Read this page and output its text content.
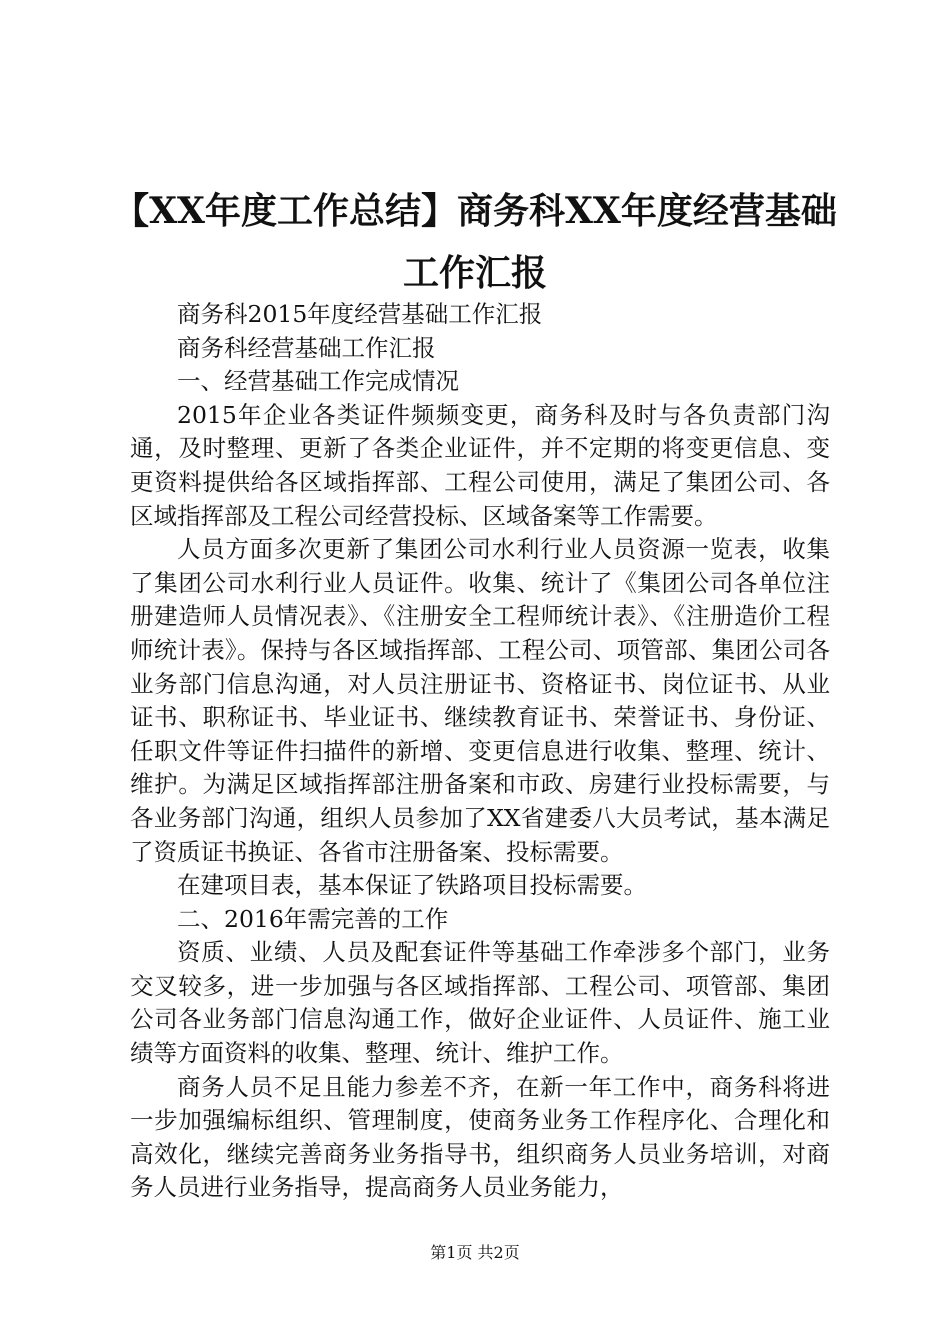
【XX年度工作总结】商务科XX年度经营基础
工作汇报

商务科2015年度经营基础工作汇报

商务科经营基础工作汇报

一、经营基础工作完成情况

2015年企业各类证件频频变更，商务科及时与各负责部门沟通，及时整理、更新了各类企业证件，并不定期的将变更信息、变更资料提供给各区域指挥部、工程公司使用，满足了集团公司、各区域指挥部及工程公司经营投标、区域备案等工作需要。

人员方面多次更新了集团公司水利行业人员资源一览表，收集了集团公司水利行业人员证件。收集、统计了《集团公司各单位注册建造师人员情况表》、《注册安全工程师统计表》、《注册造价工程师统计表》。保持与各区域指挥部、工程公司、项管部、集团公司各业务部门信息沟通，对人员注册证书、资格证书、岗位证书、从业证书、职称证书、毕业证书、继续教育证书、荣誉证书、身份证、任职文件等证件扫描件的新增、变更信息进行收集、整理、统计、维护。为满足区域指挥部注册备案和市政、房建行业投标需要，与各业务部门沟通，组织人员参加了XX省建委八大员考试，基本满足了资质证书换证、各省市注册备案、投标需要。

在建项目表，基本保证了铁路项目投标需要。

二、2016年需完善的工作

资质、业绩、人员及配套证件等基础工作牵涉多个部门，业务交叉较多，进一步加强与各区域指挥部、工程公司、项管部、集团公司各业务部门信息沟通工作，做好企业证件、人员证件、施工业绩等方面资料的收集、整理、统计、维护工作。

商务人员不足且能力参差不齐，在新一年工作中，商务科将进一步加强编标组织、管理制度，使商务业务工作程序化、合理化和高效化，继续完善商务业务指导书，组织商务人员业务培训，对商务人员进行业务指导，提高商务人员业务能力，

第1页 共2页
